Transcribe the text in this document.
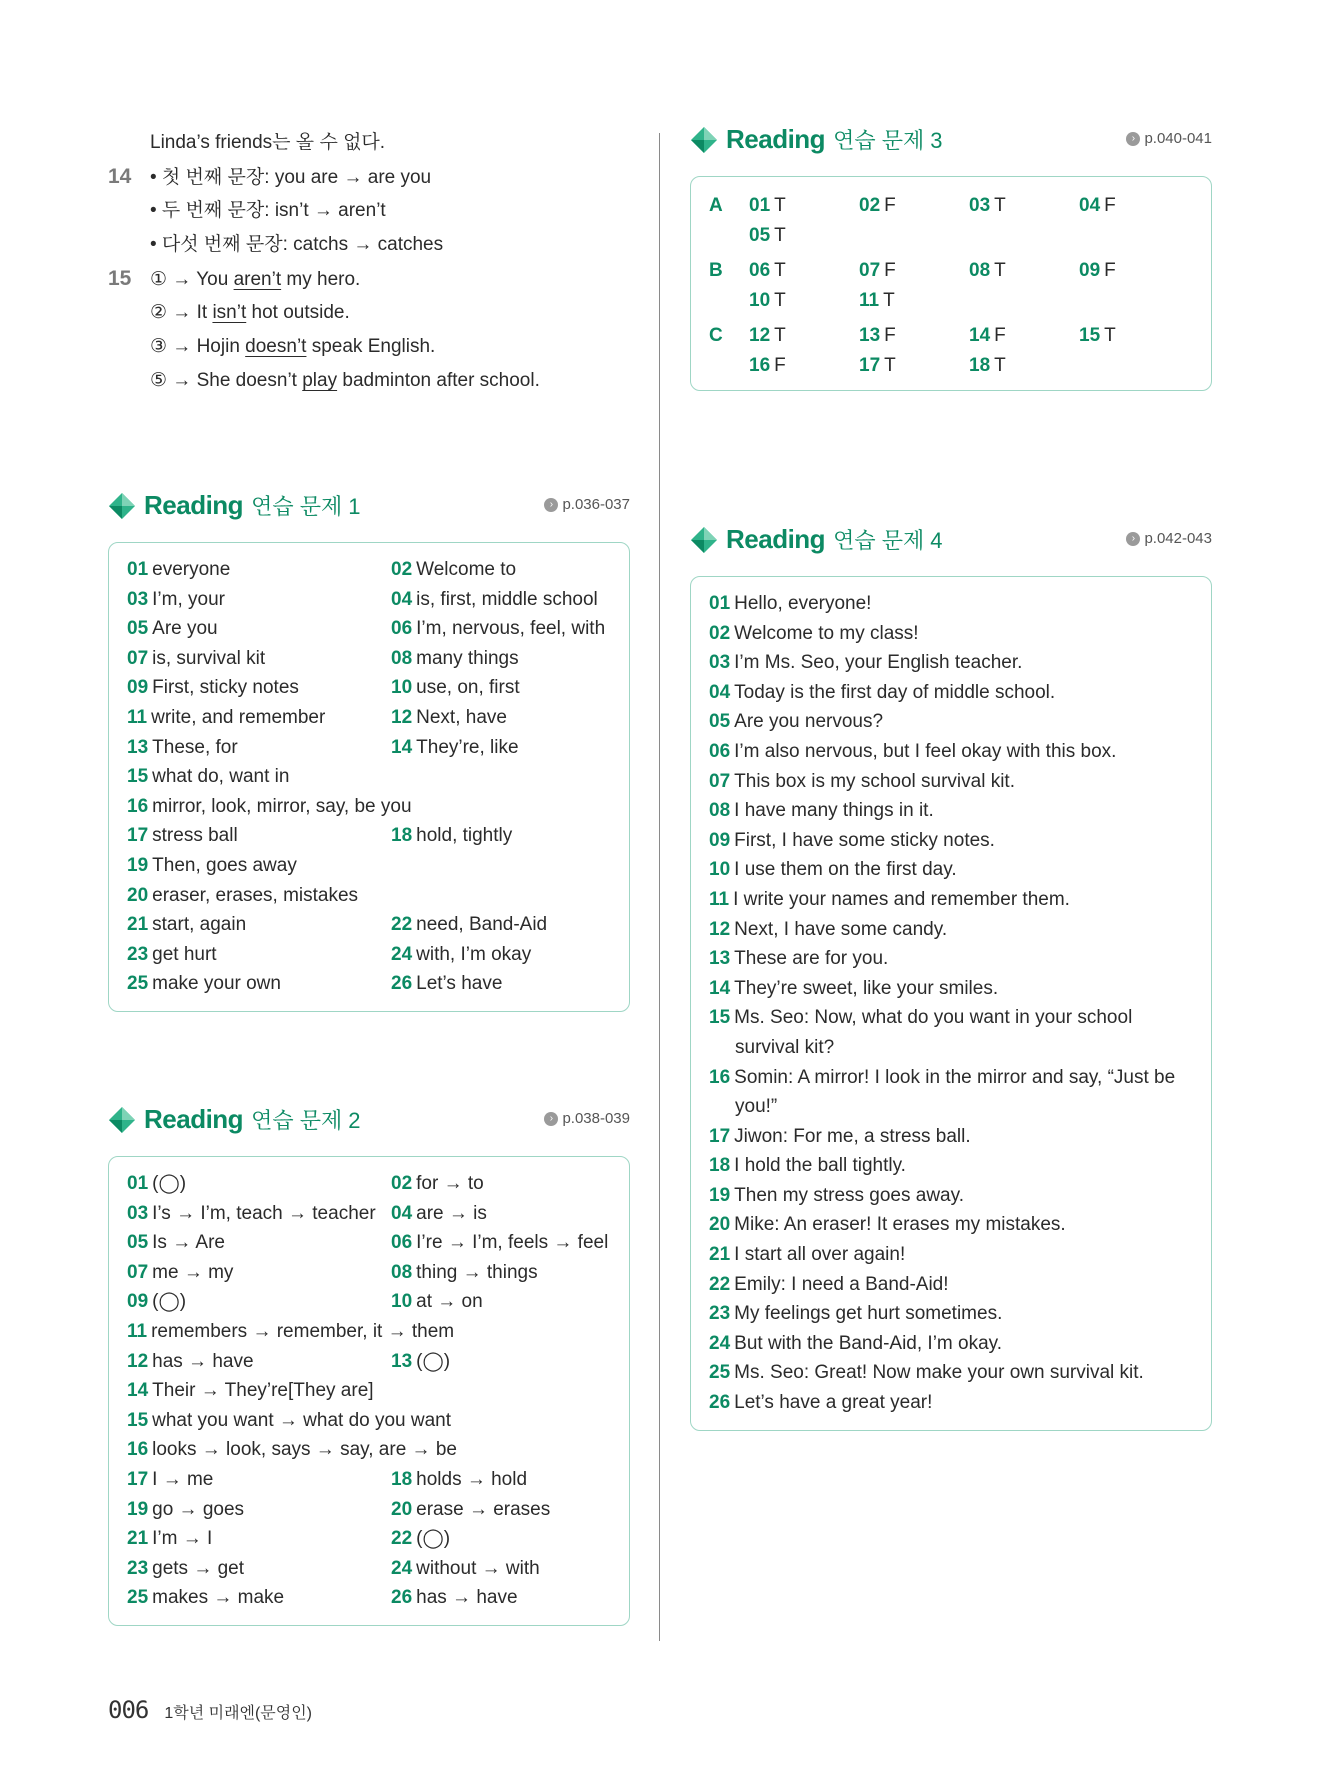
Linda’s friends는 올 수 없다.
14 • 첫 번째 문장: you are → are you
• 두 번째 문장: isn’t → aren’t
• 다섯 번째 문장: catchs → catches
15 ① → You aren’t my hero.
② → It isn’t hot outside.
③ → Hojin doesn’t speak English.
⑤ → She doesn’t play badminton after school.
Reading 연습 문제 1	› p.036-037
01 everyone	02 Welcome to
03 I’m, your	04 is, first, middle school
05 Are you	06 I’m, nervous, feel, with
07 is, survival kit	08 many things
09 First, sticky notes	10 use, on, first
11 write, and remember	12 Next, have
13 These, for	14 They’re, like
15 what do, want in
16 mirror, look, mirror, say, be you
17 stress ball	18 hold, tightly
19 Then, goes away
20 eraser, erases, mistakes
21 start, again	22 need, Band-Aid
23 get hurt	24 with, I’m okay
25 make your own	26 Let’s have
Reading 연습 문제 2	› p.038-039
01 (◯)	02 for → to
03 I’s → I’m, teach → teacher 04 are → is
05 Is → Are	06 I’re → I’m, feels → feel
07 me → my	08 thing → things
09 (◯)	10 at → on
11 remembers → remember, it → them
12 has → have	13 (◯)
14 Their → They’re[They are]
15 what you want → what do you want
16 looks → look, says → say, are → be
17 I → me	18 holds → hold
19 go → goes	20 erase → erases
21 I’m → I	22 (◯)
23 gets → get	24 without → with
25 makes → make	26 has → have
Reading 연습 문제 3	› p.040-041
A	01 T	02 F	03 T	04 F
05 T
B	06 T	07 F	08 T	09 F
10 T	11 T
C	12 T	13 F	14 F	15 T
16 F	17 T	18 T
Reading 연습 문제 4	› p.042-043
01 Hello, everyone!
02 Welcome to my class!
03 I’m Ms. Seo, your English teacher.
04 Today is the first day of middle school.
05 Are you nervous?
06 I’m also nervous, but I feel okay with this box.
07 This box is my school survival kit.
08 I have many things in it.
09 First, I have some sticky notes.
10 I use them on the first day.
11 I write your names and remember them.
12 Next, I have some candy.
13 These are for you.
14 They’re sweet, like your smiles.
15 Ms. Seo: Now, what do you want in your school survival kit?
16 Somin: A mirror! I look in the mirror and say, “Just be you!”
17 Jiwon: For me, a stress ball.
18 I hold the ball tightly.
19 Then my stress goes away.
20 Mike: An eraser! It erases my mistakes.
21 I start all over again!
22 Emily: I need a Band-Aid!
23 My feelings get hurt sometimes.
24 But with the Band-Aid, I’m okay.
25 Ms. Seo: Great! Now make your own survival kit.
26 Let’s have a great year!
006 1학년 미래엔(문영인)
